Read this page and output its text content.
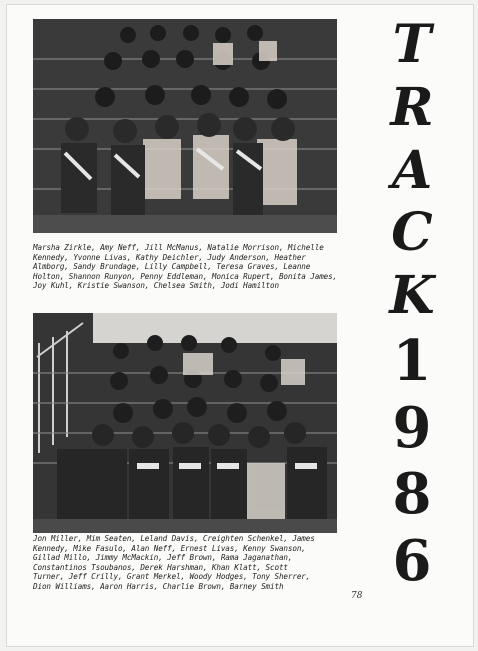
Marsha Zirkle, Amy Neff, Jill McManus, Natalie Morrison, Michelle Kennedy, Yvonne Livas, Kathy Deichler, Judy Anderson, Heather Almborg, Sandy Brundage, Lilly Campbell, Teresa Graves, Leanne Holton, Shannon Runyon, Penny Eddleman, Monica Rupert, Bonita James, Joy Kuhl, Kristie Swanson, Chelsea Smith, Jodi Hamilton
Jon Miller, Mim Seaten, Leland Davis, Creighten Schenkel, James Kennedy, Mike Fasulo, Alan Neff, Ernest Livas, Kenny Swanson, Gillad Millo, Jimmy McMackin, Jeff Brown, Rama Jaganathan, Constantinos Tsoubanos, Derek Harshman, Khan Klatt, Scott Turner, Jeff Crilly, Grant Merkel, Woody Hodges, Tony Sherrer, Dion Williams, Aaron Harris, Charlie Brown, Barney Smith
T
R
A
C
K
1
9
8
6
78
